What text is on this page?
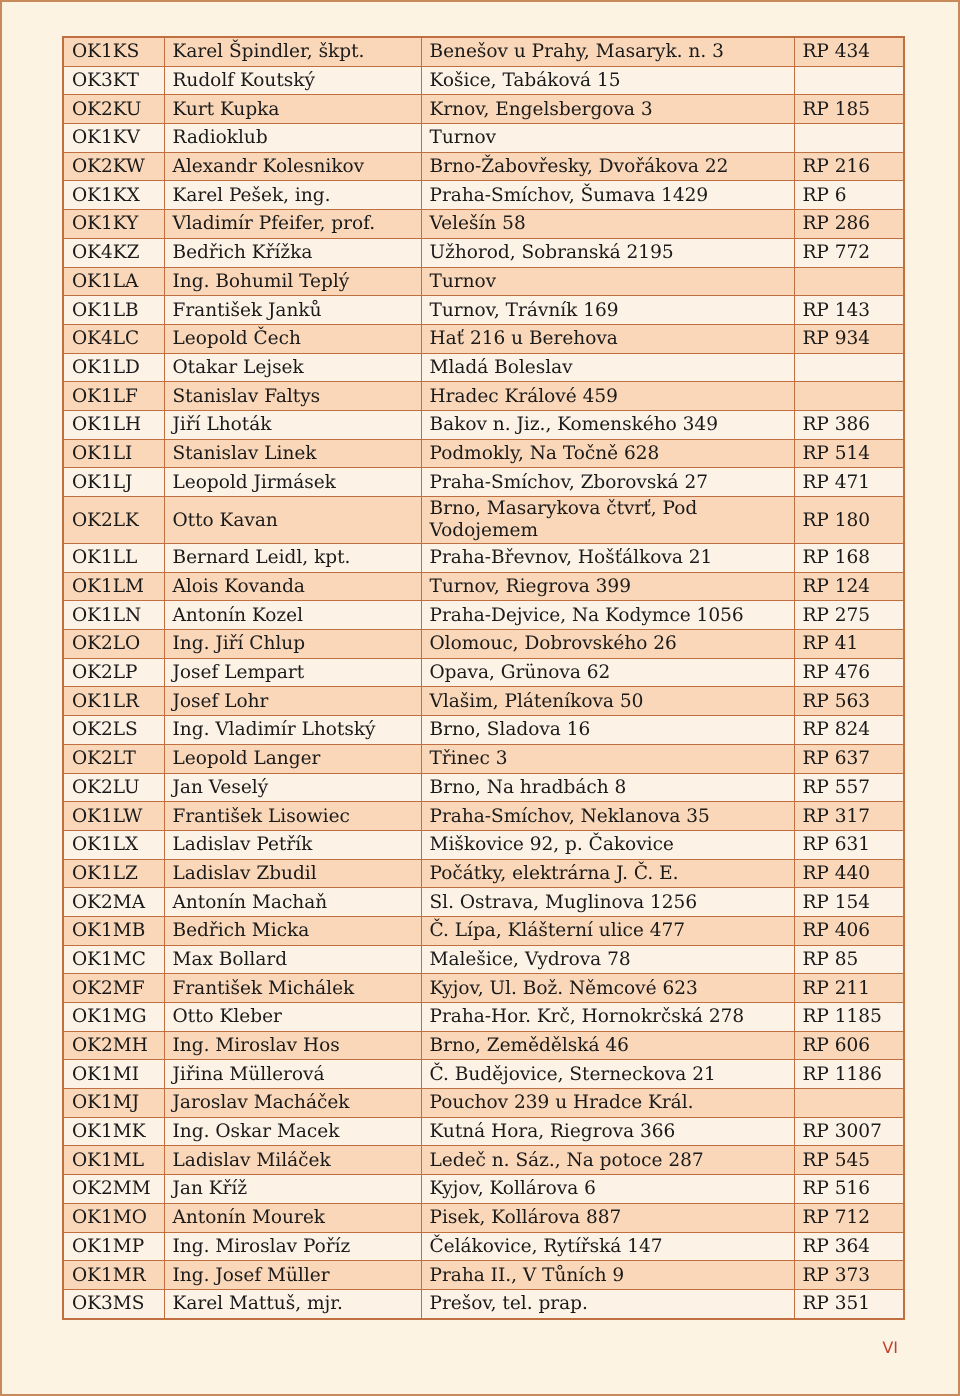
OK1KS	Karel Špindler, škpt.	Benešov u Prahy, Masaryk. n. 3	RP 434
OK3KT	Rudolf Koutský	Košice, Tabáková 15	
OK2KU	Kurt Kupka	Krnov, Engelsbergova 3	RP 185
OK1KV	Radioklub	Turnov	
OK2KW	Alexandr Kolesnikov	Brno-Žabovřesky, Dvořákova 22	RP 216
OK1KX	Karel Pešek, ing.	Praha-Smíchov, Šumava 1429	RP 6
OK1KY	Vladimír Pfeifer, prof.	Velešín 58	RP 286
OK4KZ	Bedřich Křížka	Užhorod, Sobranská 2195	RP 772
OK1LA	Ing. Bohumil Teplý	Turnov	
OK1LB	František Janků	Turnov, Trávník 169	RP 143
OK4LC	Leopold Čech	Hať 216 u Berehova	RP 934
OK1LD	Otakar Lejsek	Mladá Boleslav	
OK1LF	Stanislav Faltys	Hradec Králové 459	
OK1LH	Jiří Lhoták	Bakov n. Jiz., Komenského 349	RP 386
OK1LI	Stanislav Linek	Podmokly, Na Točně 628	RP 514
OK1LJ	Leopold Jirmásek	Praha-Smíchov, Zborovská 27	RP 471
OK2LK	Otto Kavan	Brno, Masarykova čtvrť, Pod Vodojemem	RP 180
OK1LL	Bernard Leidl, kpt.	Praha-Břevnov, Hošťálkova 21	RP 168
OK1LM	Alois Kovanda	Turnov, Riegrova 399	RP 124
OK1LN	Antonín Kozel	Praha-Dejvice, Na Kodymce 1056	RP 275
OK2LO	Ing. Jiří Chlup	Olomouc, Dobrovského 26	RP 41
OK2LP	Josef Lempart	Opava, Grünova 62	RP 476
OK1LR	Josef Lohr	Vlašim, Pláteníkova 50	RP 563
OK2LS	Ing. Vladimír Lhotský	Brno, Sladova 16	RP 824
OK2LT	Leopold Langer	Třinec 3	RP 637
OK2LU	Jan Veselý	Brno, Na hradbách 8	RP 557
OK1LW	František Lisowiec	Praha-Smíchov, Neklanova 35	RP 317
OK1LX	Ladislav Petřík	Miškovice 92, p. Čakovice	RP 631
OK1LZ	Ladislav Zbudil	Počátky, elektrárna J. Č. E.	RP 440
OK2MA	Antonín Machaň	Sl. Ostrava, Muglinova 1256	RP 154
OK1MB	Bedřich Micka	Č. Lípa, Klášterní ulice 477	RP 406
OK1MC	Max Bollard	Malešice, Vydrova 78	RP 85
OK2MF	František Michálek	Kyjov, Ul. Bož. Němcové 623	RP 211
OK1MG	Otto Kleber	Praha-Hor. Krč, Hornokrčská 278	RP 1185
OK2MH	Ing. Miroslav Hos	Brno, Zemědělská 46	RP 606
OK1MI	Jiřina Müllerová	Č. Budějovice, Sterneckova 21	RP 1186
OK1MJ	Jaroslav Macháček	Pouchov 239 u Hradce Král.	
OK1MK	Ing. Oskar Macek	Kutná Hora, Riegrova 366	RP 3007
OK1ML	Ladislav Miláček	Ledeč n. Sáz., Na potoce 287	RP 545
OK2MM	Jan Kříž	Kyjov, Kollárova 6	RP 516
OK1MO	Antonín Mourek	Pisek, Kollárova 887	RP 712
OK1MP	Ing. Miroslav Poříz	Čelákovice, Rytířská 147	RP 364
OK1MR	Ing. Josef Müller	Praha II., V Tůních 9	RP 373
OK3MS	Karel Mattuš, mjr.	Prešov, tel. prap.	RP 351
VI
